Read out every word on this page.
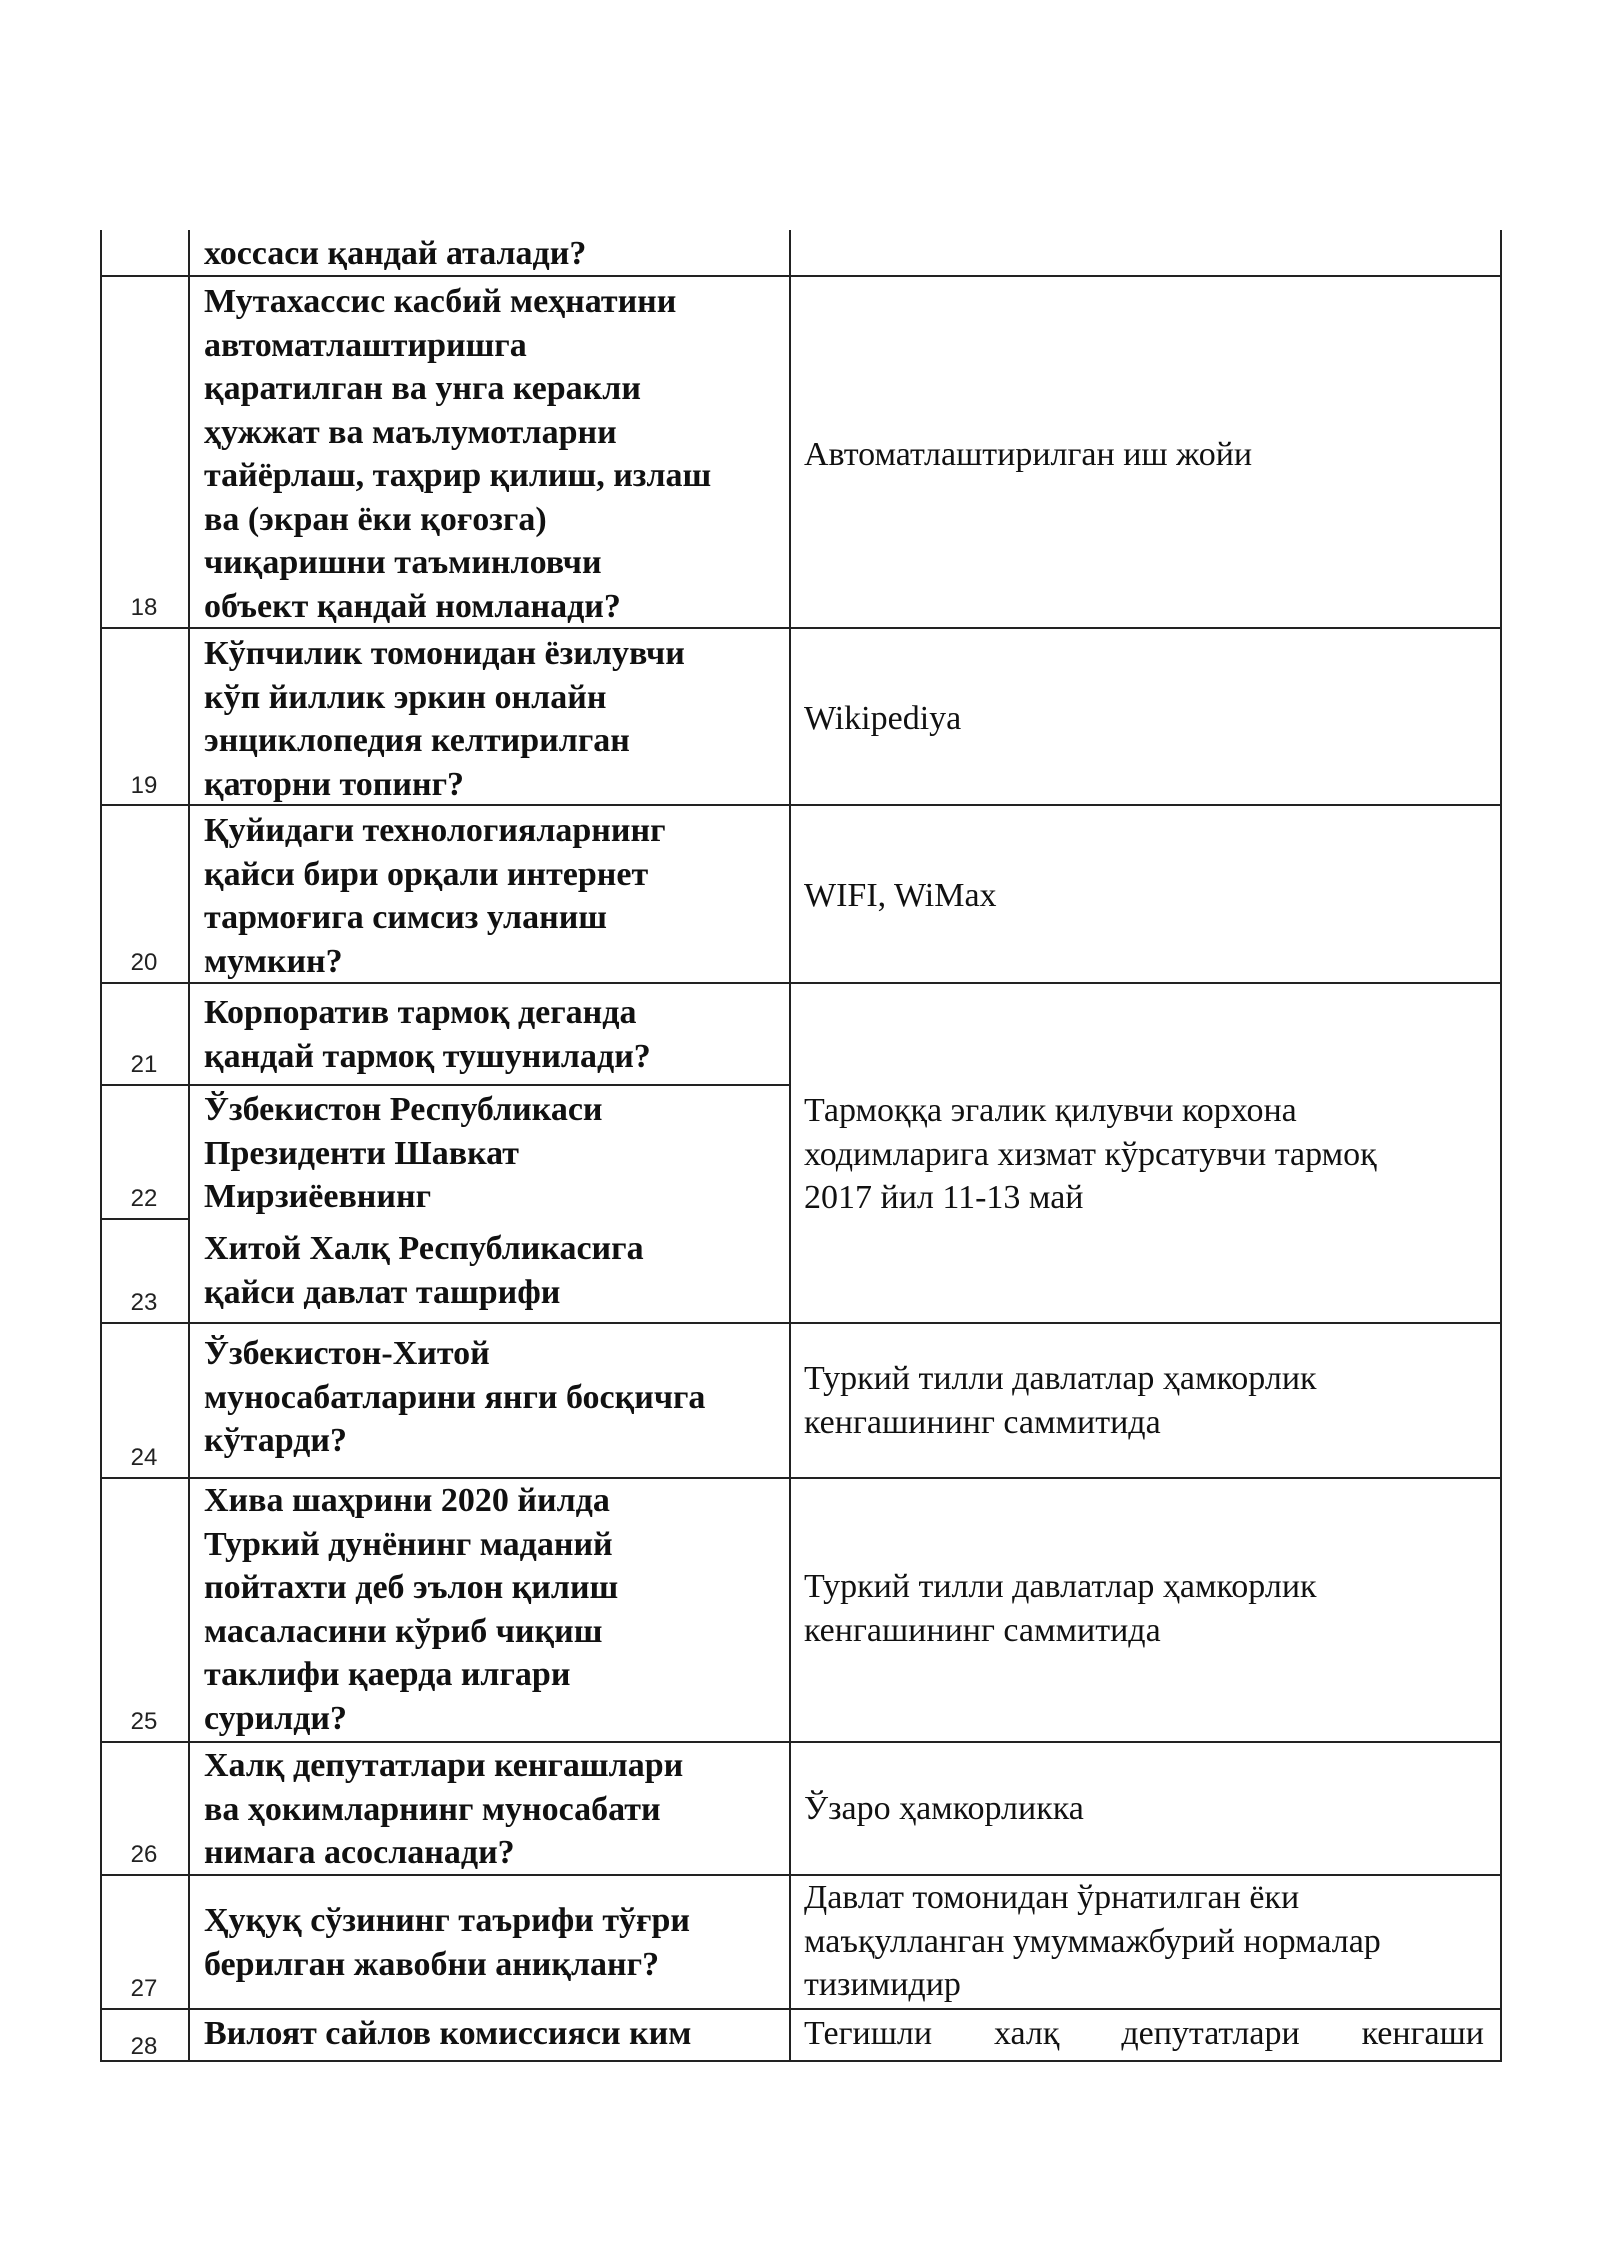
хоссаси қандай аталади?
18
Мутахассис касбий меҳнатини
автоматлаштиришга
қаратилган ва унга керакли
ҳужжат ва маълумотларни
тайёрлаш, таҳрир қилиш, излаш
ва (экран ёки қоғозга)
чиқаришни таъминловчи
объект қандай номланади?
Автоматлаштирилган иш жойи
19
Кўпчилик томонидан ёзилувчи
кўп йиллик эркин онлайн
энциклопедия келтирилган
қаторни топинг?
Wikipediya
20
Қуйидаги технологияларнинг
қайси бири орқали интернет
тармоғига симсиз уланиш
мумкин?
WIFI, WiMax
21
Корпоратив тармоқ деганда
қандай тармоқ тушунилади?
Тармоққа эгалик қилувчи корхона
ходимларига хизмат кўрсатувчи тармоқ
2017 йил 11-13 май
22
Ўзбекистон Республикаси
Президенти Шавкат
Мирзиёевнинг
23
Хитой Халқ Республикасига
қайси давлат ташрифи
24
Ўзбекистон-Хитой
муносабатларини янги босқичга
кўтарди?
Туркий тилли давлатлар ҳамкорлик
кенгашининг саммитида
25
Хива шаҳрини 2020 йилда
Туркий дунёнинг маданий
пойтахти деб эълон қилиш
масаласини кўриб чиқиш
таклифи қаерда илгари
сурилди?
Туркий тилли давлатлар ҳамкорлик
кенгашининг саммитида
26
Халқ депутатлари кенгашлари
ва ҳокимларнинг муносабати
нимага асосланади?
Ўзаро ҳамкорликка
27
Ҳуқуқ сўзининг таърифи тўғри
берилган жавобни аниқланг?
Давлат томонидан ўрнатилган ёки
маъқулланган умуммажбурий нормалар
тизимидир
28	Вилоят сайлов комиссияси ким	Тегишли халқ депутатлари кенгаши
